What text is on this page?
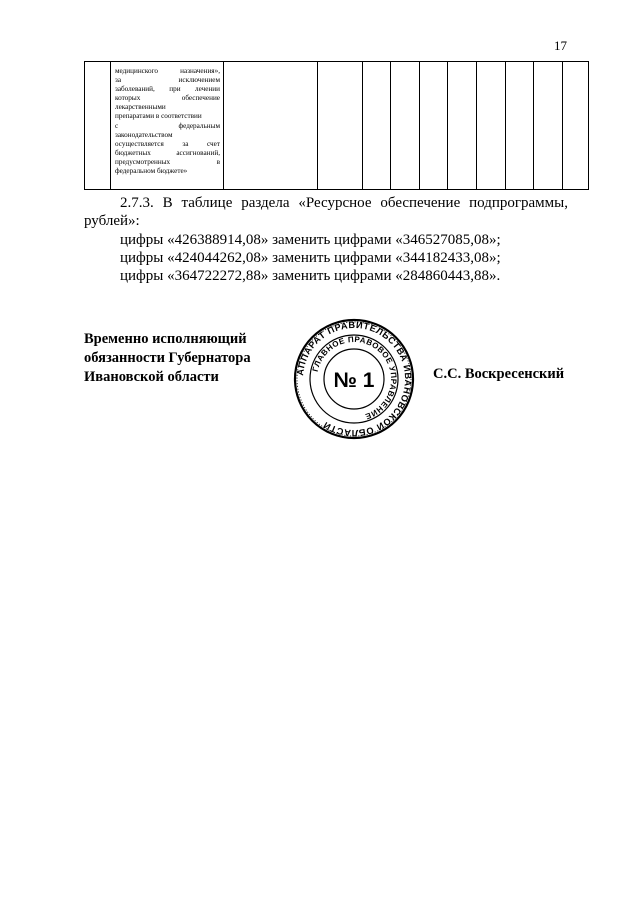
17

медицинского назначения»,
за исключением
заболеваний, при лечении
которых обеспечение
лекарственными
препаратами в соответствии
с федеральным
законодательством
осуществляется за счет
бюджетных ассигнований,
предусмотренных в
федеральном бюджете»

2.7.3. В таблице раздела «Ресурсное обеспечение подпрограммы,
рублей»:
цифры «426388914,08» заменить цифрами «346527085,08»;
цифры «424044262,08» заменить цифрами «344182433,08»;
цифры «364722272,88» заменить цифрами «284860443,88».
Временно исполняющий
обязанности Губернатора
Ивановской области	С.С. Воскресенский
АППАРАТ ПРАВИТЕЛЬСТВА ИВАНОВСКОЙ ОБЛАСТИ
ГЛАВНОЕ ПРАВОВОЕ УПРАВЛЕНИЕ
№ 1
